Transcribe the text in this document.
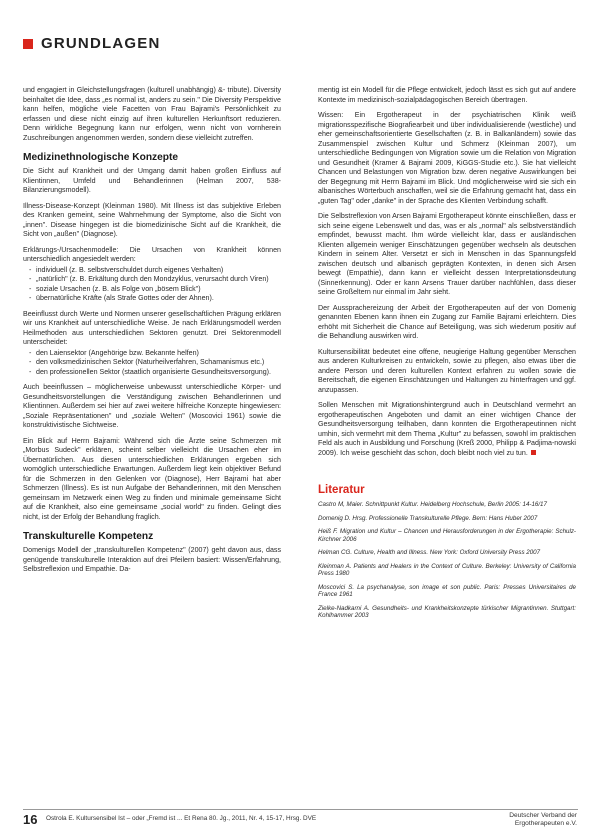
GRUNDLAGEN

und engagiert in Gleichstellungsfragen (kulturell unabhängig) &- tribute). Diversity beinhaltet die Idee, dass „es normal ist, anders zu sein." Die Diversity Perspektive kann helfen, mögliche viele Facetten von Frau Bajrami's Persönlichkeit zu erfassen und diese nicht einzig auf ihren kulturellen Herkunftsort reduzieren. Denn wirkliche Begegnung kann nur erfolgen, wenn nicht von vornherein Zuschreibungen angenommen werden, sondern diese vielleicht zutreffen.

Medizinethnologische Konzepte

Die Sicht auf Krankheit und der Umgang damit haben großen Einfluss auf Klientinnen, Umfeld und Behandlerinnen (Helman 2007, 538-Bilanzierungsmodell).

Illness-Disease-Konzept (Kleinman 1980). Mit Illness ist das subjektive Erleben des Kranken gemeint, seine Wahrnehmung der Symptome, also die Sicht von „innen". Disease hingegen ist die biomedizinische Sicht auf die Krankheit, die Sicht von „außen" (Diagnose).

Erklärungs-/Ursachenmodelle: Die Ursachen von Krankheit können unterschiedlich angesiedelt werden:

- individuell (z. B. selbstverschuldet durch eigenes Verhalten)
- „natürlich" (z. B. Erkältung durch den Mondzyklus, verursacht durch Viren)
- soziale Ursachen (z. B. als Folge von „bösem Blick")
- übernatürliche Kräfte (als Strafe Gottes oder der Ahnen).

Beeinflusst durch Werte und Normen unserer gesellschaftlichen Prägung erklären wir uns Krankheit auf unterschiedliche Weise. Je nach Erklärungsmodell werden Heilmethoden aus unterschiedlichen Sektoren genutzt. Drei Sektorenmodell unterscheidet:

- den Laiensektor (Angehörige bzw. Bekannte helfen)
- den volksmedizinischen Sektor (Naturheilverfahren, Schamanismus etc.)
- den professionellen Sektor (staatlich organisierte Gesundheitsversorgung).

Auch beeinflussen – möglicherweise unbewusst unterschiedliche Körper- und Gesundheitsvorstellungen die Verständigung zwischen Behandlerinnen und Klientinnen. Außerdem sei hier auf zwei weitere hilfreiche Konzepte hingewiesen: „Soziale Repräsentationen" und „soziale Welten" (Moscovici 1961) sowie die konstruktivistische Sichtweise.

Ein Blick auf Herrn Bajrami: Während sich die Ärzte seine Schmerzen mit „Morbus Sudeck" erklären, scheint selber vielleicht die Ursachen eher im Übernatürlichen. Aus diesen unterschiedlichen Erklärungen ergeben sich womöglich unterschiedliche Erwartungen. Außerdem liegt kein objektiver Befund für die Schmerzen in den Gelenken vor (Diagnose), Herr Bajrami hat aber Schmerzen (Illness). Es ist nun Aufgabe der Behandlerinnen, mit den Menschen gemeinsam im Netzwerk einen Weg zu finden und minimale gemeinsame Sicht auf die Krankheit, also eine gemeinsame „social world" zu finden. Gelingt dies nicht, ist der Erfolg der Behandlung fraglich.

Transkulturelle Kompetenz

Domenigs Modell der „transkulturellen Kompetenz" (2007) geht davon aus, dass genügende transkulturelle Interaktion auf drei Pfeilern basiert: Wissen/Erfahrung, Selbstreflexion und Empathie. Da-

mentig ist ein Modell für die Pflege entwickelt, jedoch lässt es sich gut auf andere Kontexte im medizinisch-sozialpädagogischen Bereich übertragen.

Wissen: Ein Ergotherapeut in der psychiatrischen Klinik weiß migrationsspezifische Biografiearbeit und über individualisierende (westliche) und eher gemeinschaftsorientierte Gesellschaften (z. B. in Balkanländern) sowie das Zusammenspiel zwischen Kultur und Schmerz (Kleinman 2007), um unterschiedliche Bedingungen von Migration sowie um die Relation von Migration und Gesundheit (Kramer & Bajrami 2009, KiGGS-Studie etc.). Sie hat vielleicht Chancen und Belastungen von Migration bzw. deren negative Auswirkungen bei der Begegnung mit Herrn Bajrami im Blick. Und möglicherweise wird sie sich ein albanisches Wörterbuch anschaffen, weil sie die Erfahrung gemacht hat, dass ein „guten Tag" oder „danke" in der Sprache des Klienten Verbindung schafft.

Die Selbstreflexion von Arsen Bajrami Ergotherapeut könnte einschließen, dass er sich seine eigene Lebenswelt und das, was er als „normal" als selbstverständlich empfindet, bewusst macht. Ihm würde vielleicht klar, dass er ausländischen Klienten allgemein weniger Einschätzungen gegenüber wechseln als deutschen Kindern in seinem Alter. Versetzt er sich in Menschen in das Spannungsfeld zwischen deutsch und albanisch geprägten Kontexten, in denen sich Arsen bewegt (Empathie), dann kann er vielleicht dessen Interpretationsdeutung (Sinnerkennung). Oder er kann Arsens Trauer darüber nachfühlen, dass dieser seine Großeltern nur einmal im Jahr sieht.

Der Aussprachereizung der Arbeit der Ergotherapeuten auf der von Domenig genannten Ebenen kann ihnen ein Zugang zur Familie Bajrami erleichtern. Dies erhöht mit Sicherheit die Chance auf Beteiligung, was sich wiederum positiv auf die Behandlung auswirken wird.

Kultursensibilität bedeutet eine offene, neugierige Haltung gegenüber Menschen aus anderen Kulturkreisen zu entwickeln, sowie zu pflegen, also etwas über die andere Person und deren kulturellen Kontext erfahren zu wollen sowie die Bereitschaft, die eigenen Einschätzungen und Haltungen zu hinterfragen und ggf. anzupassen.

Sollen Menschen mit Migrationshintergrund auch in Deutschland vermehrt an ergotherapeutischen Angeboten und damit an einer wichtigen Chance der Gesundheitsversorgung teilhaben, dann konnten die Ergotherapeutinnen nicht umhin, sich vermehrt mit dem Thema „Kultur" zu befassen, sowohl im praktischen Feld als auch in Ausbildung und Forschung (Kreß 2000, Philipp & Padjima-nowski 2009). Ich weise geschieht das schon, doch bleibt noch viel zu tun.

Literatur

Castro M, Maier. Schnittpunkt Kultur. Heidelberg Hochschule, Berlin 2005: 14-16/17

Domenig D. Hrsg. Professionelle Transkulturelle Pflege. Bern: Hans Huber 2007

Heiß F. Migration und Kultur – Chancen und Herausforderungen in der Ergotherapie: Schulz-Kirchner 2006

Helman CG. Culture, Health and Illness. New York: Oxford University Press 2007

Kleinman A. Patients and Healers in the Context of Culture. Berkeley: University of California Press 1980

Moscovici S. La psychanalyse, son image et son public. Paris: Presses Universitaires de France 1961

Zielke-Nadkarni A. Gesundheits- und Krankheitskonzepte türkischer Migrantinnen. Stuttgart: Kohlhammer 2003

16 Ostrola E. Kultursensibel Ist – oder „Fremd ist ... Et Rena 80. Jg., 2011, Nr. 4, 15-17, Hrsg. DVE	Deutscher Verband der
Ergotherapeuten e.V.
